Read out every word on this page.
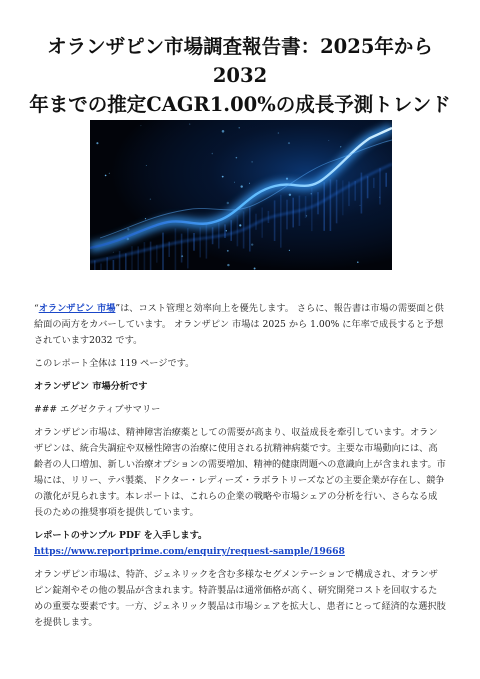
オランザピン市場調査報告書：2025年から2032
年までの推定CAGR1.00%の成長予測トレンド

“オランザピン 市場”は、コスト管理と効率向上を優先します。 さらに、報告書は市場の需要面と供給面の両方をカバーしています。 オランザピン 市場は 2025 から 1.00% に年率で成長すると予想されています2032 です。

このレポート全体は 119 ページです。

オランザピン 市場分析です

### エグゼクティブサマリー

オランザピン市場は、精神障害治療薬としての需要が高まり、収益成長を牽引しています。オランザピンは、統合失調症や双極性障害の治療に使用される抗精神病薬です。主要な市場動向には、高齢者の人口増加、新しい治療オプションの需要増加、精神的健康問題への意識向上が含まれます。市場には、リリー、テバ製薬、ドクター・レディーズ・ラボラトリーズなどの主要企業が存在し、競争の激化が見られます。本レポートは、これらの企業の戦略や市場シェアの分析を行い、さらなる成長のための推奨事項を提供しています。

レポートのサンプル PDF を入手します。 https://www.reportprime.com/enquiry/request-sample/19668

オランザピン市場は、特許、ジェネリックを含む多様なセグメンテーションで構成され、オランザピン錠剤やその他の製品が含まれます。特許製品は通常価格が高く、研究開発コストを回収するための重要な要素です。一方、ジェネリック製品は市場シェアを拡大し、患者にとって経済的な選択肢を提供します。
